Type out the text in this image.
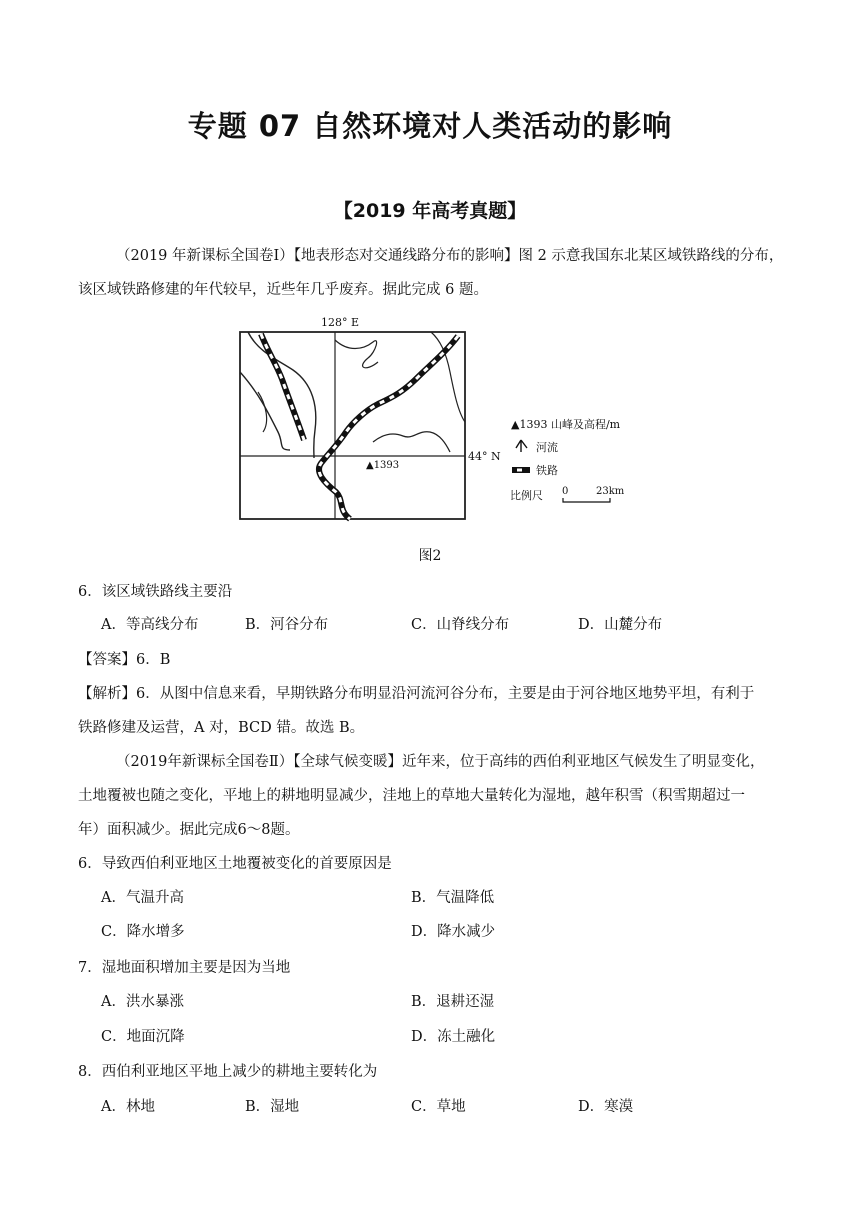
专题 07 自然环境对人类活动的影响
【2019 年高考真题】
（2019 年新课标全国卷Ⅰ）【地表形态对交通线路分布的影响】图 2 示意我国东北某区域铁路线的分布，
该区域铁路修建的年代较早，近些年几乎废弃。据此完成 6 题。
128° E
44° N
▲1393
▲1393 山峰及高程/m
河流
铁路
比例尺 0	23km
图2
6．该区域铁路线主要沿
A．等高线分布	B．河谷分布	C．山脊线分布	D．山麓分布
【答案】6．B
【解析】6．从图中信息来看，早期铁路分布明显沿河流河谷分布，主要是由于河谷地区地势平坦，有利于
铁路修建及运营，A 对，BCD 错。故选 B。
（2019年新课标全国卷Ⅱ）【全球气候变暖】近年来，位于高纬的西伯利亚地区气候发生了明显变化，
土地覆被也随之变化，平地上的耕地明显减少，洼地上的草地大量转化为湿地，越年积雪（积雪期超过一
年）面积减少。据此完成6～8题。
6．导致西伯利亚地区土地覆被变化的首要原因是
A．气温升高	B．气温降低
C．降水增多	D．降水减少
7．湿地面积增加主要是因为当地
A．洪水暴涨	B．退耕还湿
C．地面沉降	D．冻土融化
8．西伯利亚地区平地上减少的耕地主要转化为
A．林地	B．湿地	C．草地	D．寒漠
